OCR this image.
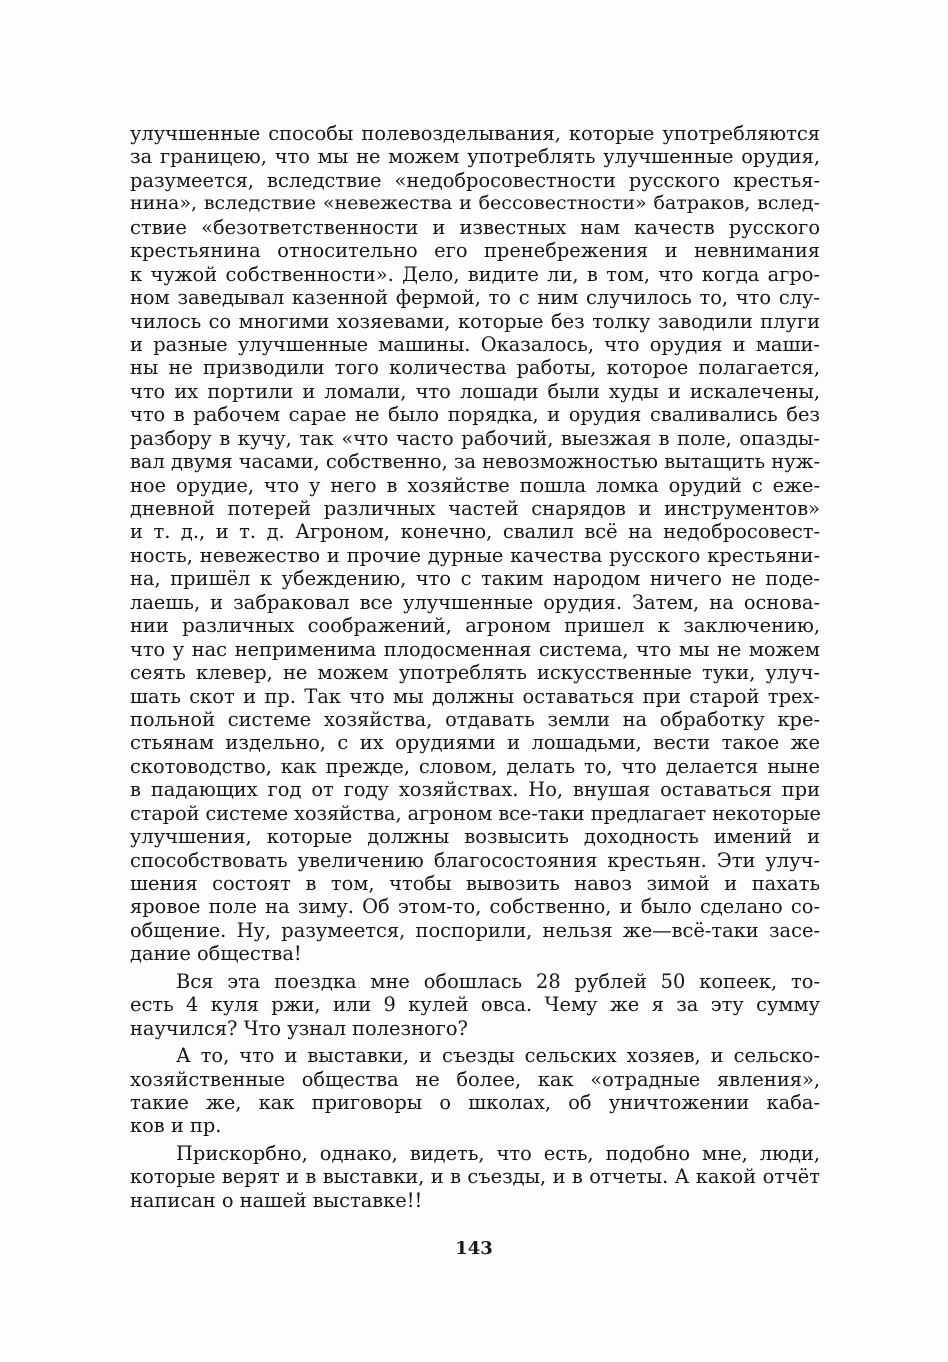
улучшенные способы полевозделывания, которые употребляются
за границею, что мы не можем употреблять улучшенные орудия,
разумеется, вследствие «недобросовестности русского крестья-
нина», вследствие «невежества и бессовестности» батраков, вслед-
ствие «безответственности и известных нам качеств русского
крестьянина относительно его пренебрежения и невнимания
к чужой собственности». Дело, видите ли, в том, что когда агро-
ном заведывал казенной фермой, то с ним случилось то, что слу-
чилось со многими хозяевами, которые без толку заводили плуги
и разные улучшенные машины. Оказалось, что орудия и маши-
ны не призводили того количества работы, которое полагается,
что их портили и ломали, что лошади были худы и искалечены,
что в рабочем сарае не было порядка, и орудия сваливались без
разбору в кучу, так «что часто рабочий, выезжая в поле, опазды-
вал двумя часами, собственно, за невозможностью вытащить нуж-
ное орудие, что у него в хозяйстве пошла ломка орудий с еже-
дневной потерей различных частей снарядов и инструментов»
и т. д., и т. д. Агроном, конечно, свалил всё на недобросовест-
ность, невежество и прочие дурные качества русского крестьяни-
на, пришёл к убеждению, что с таким народом ничего не поде-
лаешь, и забраковал все улучшенные орудия. Затем, на основа-
нии различных соображений, агроном пришел к заключению,
что у нас неприменима плодосменная система, что мы не можем
сеять клевер, не можем употреблять искусственные туки, улуч-
шать скот и пр. Так что мы должны оставаться при старой трех-
польной системе хозяйства, отдавать земли на обработку кре-
стьянам издельно, с их орудиями и лошадьми, вести такое же
скотоводство, как прежде, словом, делать то, что делается ныне
в падающих год от году хозяйствах. Но, внушая оставаться при
старой системе хозяйства, агроном все-таки предлагает некоторые
улучшения, которые должны возвысить доходность имений и
способствовать увеличению благосостояния крестьян. Эти улуч-
шения состоят в том, чтобы вывозить навоз зимой и пахать
яровое поле на зиму. Об этом-то, собственно, и было сделано со-
общение. Ну, разумеется, поспорили, нельзя же—всё-таки засе-
дание общества!
Вся эта поездка мне обошлась 28 рублей 50 копеек, то-
есть 4 куля ржи, или 9 кулей овса. Чему же я за эту сумму
научился? Что узнал полезного?
А то, что и выставки, и съезды сельских хозяев, и сельско-
хозяйственные общества не более, как «отрадные явления»,
такие же, как приговоры о школах, об уничтожении каба-
ков и пр.
Прискорбно, однако, видеть, что есть, подобно мне, люди,
которые верят и в выставки, и в съезды, и в отчеты. А какой отчёт
написан о нашей выставке!!
143
